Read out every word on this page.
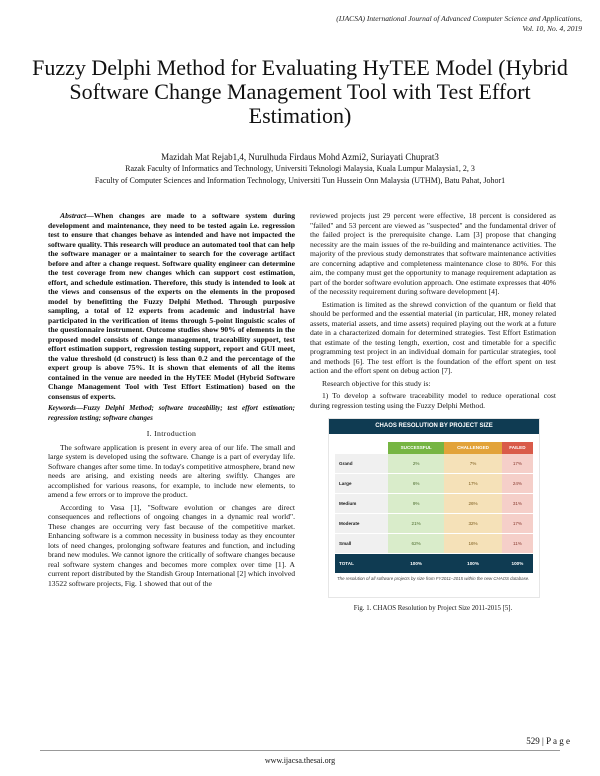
(IJACSA) International Journal of Advanced Computer Science and Applications,
Vol. 10, No. 4, 2019
Fuzzy Delphi Method for Evaluating HyTEE Model (Hybrid Software Change Management Tool with Test Effort Estimation)
Mazidah Mat Rejab1,4, Nurulhuda Firdaus Mohd Azmi2, Suriayati Chuprat3
Razak Faculty of Informatics and Technology, Universiti Teknologi Malaysia, Kuala Lumpur Malaysia1, 2, 3
Faculty of Computer Sciences and Information Technology, Universiti Tun Hussein Onn Malaysia (UTHM), Batu Pahat, Johor1

Abstract—When changes are made to a software system during development and maintenance, they need to be tested again i.e. regression test to ensure that changes behave as intended and have not impacted the software quality. This research will produce an automated tool that can help the software manager or a maintainer to search for the coverage artifact before and after a change request. Software quality engineer can determine the test coverage from new changes which can support cost estimation, effort, and schedule estimation. Therefore, this study is intended to look at the views and consensus of the experts on the elements in the proposed model by benefitting the Fuzzy Delphi Method. Through purposive sampling, a total of 12 experts from academic and industrial have participated in the verification of items through 5-point linguistic scales of the questionnaire instrument. Outcome studies show 90% of elements in the proposed model consists of change management, traceability support, test effort estimation support, regression testing support, report and GUI meet, the value threshold (d construct) is less than 0.2 and the percentage of the expert group is above 75%. It is shown that elements of all the items contained in the venue are needed in the HyTEE Model (Hybrid Software Change Management Tool with Test Effort Estimation) based on the consensus of experts.

Keywords—Fuzzy Delphi Method; software traceability; test effort estimation; regression testing; software changes

I. Introduction

The software application is present in every area of our life. The small and large system is developed using the software. Change is a part of everyday life. Software changes after some time. In today's competitive atmosphere, brand new needs are arising, and existing needs are altering swiftly. Changes are accomplished for various reasons, for example, to include new elements, to amend a few errors or to improve the product.

According to Vasa [1], "Software evolution or changes are direct consequences and reflections of ongoing changes in a dynamic real world". These changes are occurring very fast because of the competitive market. Enhancing software is a common necessity in business today as they encounter lots of need changes, prolonging software features and function, and including brand new modules. We cannot ignore the critically of software changes because real software system changes and becomes more complex over time [1]. A current report distributed by the Standish Group International [2] which involved 13522 software projects, Fig. 1 showed that out of the

reviewed projects just 29 percent were effective, 18 percent is considered as "failed" and 53 percent are viewed as "suspected" and the fundamental driver of the failed project is the prerequisite change. Lam [3] propose that changing necessity are the main issues of the re-building and maintenance activities. The majority of the previous study demonstrates that software maintenance activities are concerning adaptive and completeness maintenance close to 80%. For this aim, the company must get the opportunity to manage requirement adaptation as part of the border software evolution approach. One estimate expresses that 40% of the necessity requirement during software development [4].

Estimation is limited as the shrewd conviction of the quantum or field that should be performed and the essential material (in particular, HR, money related assets, material assets, and time assets) required playing out the work at a future date in a characterized domain for determined strategies. Test Effort Estimation that estimate of the testing length, exertion, cost and timetable for a specific programming test project in an individual domain for particular strategies, tool and methods [6]. The test effort is the foundation of the effort spent on test action and the effort spent on debug action [7].

Research objective for this study is:

1) To develop a software traceability model to reduce operational cost during regression testing using the Fuzzy Delphi Method.

CHAOS RESOLUTION BY PROJECT SIZE
	SUCCESSFUL	CHALLENGED	FAILED
Grand	2%	7%	17%
Large	6%	17%	24%
Medium	9%	26%	31%
Moderate	21%	32%	17%
Small	62%	16%	11%
TOTAL	100%	100%	100%
The resolution of all software projects by size from FY2011–2015 within the new CHAOS database.
Fig. 1. CHAOS Resolution by Project Size 2011-2015 [5].
529 | P a g e
www.ijacsa.thesai.org
